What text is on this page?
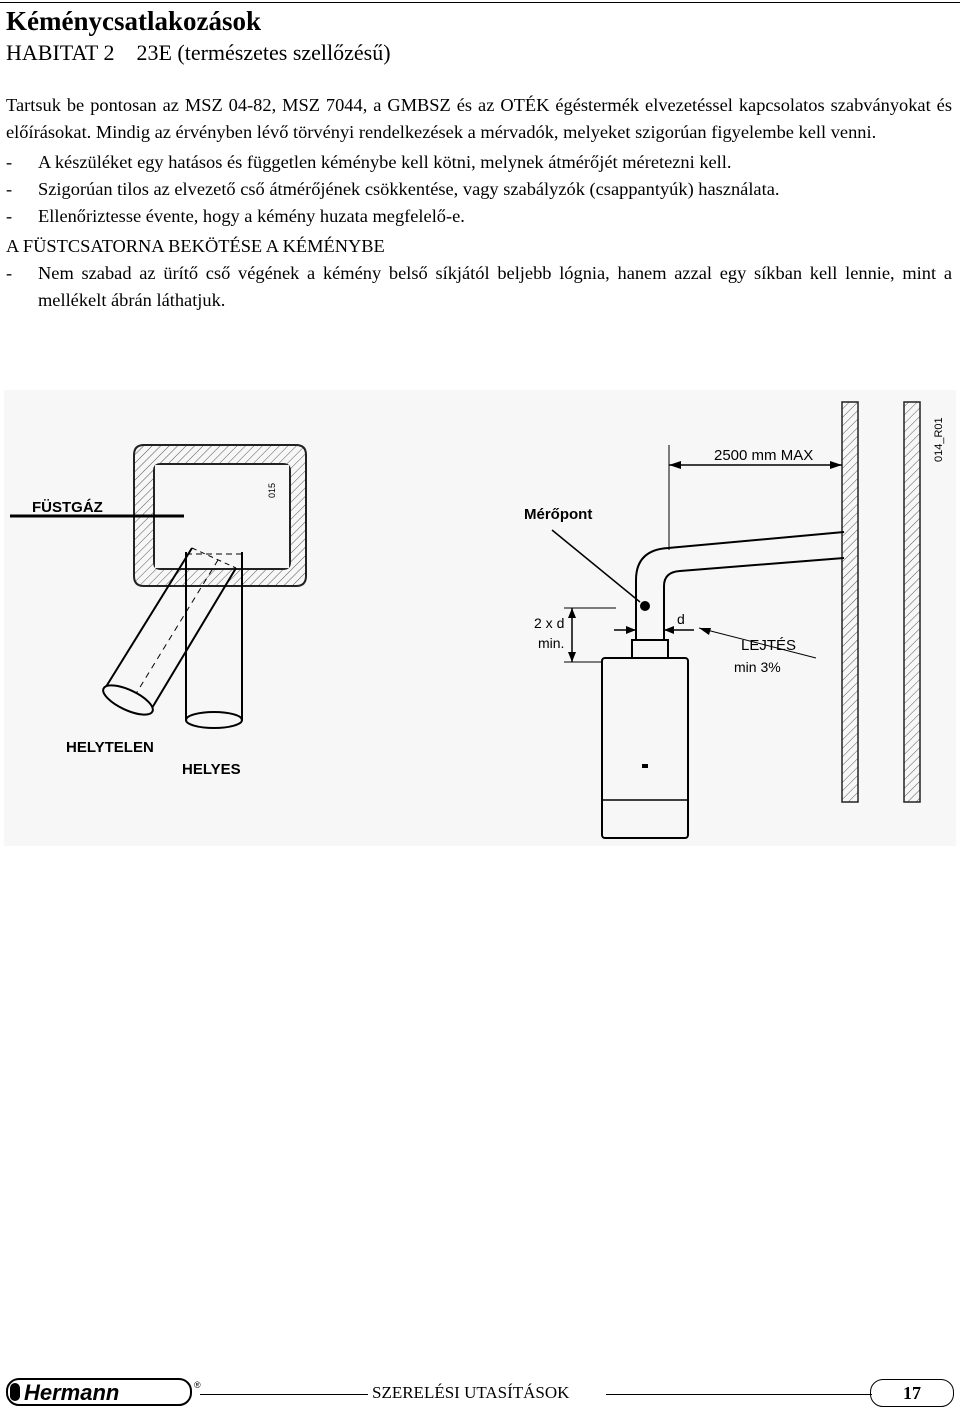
Kéménycsatlakozások
HABITAT 2    23E (természetes szellőzésű)

Tartsuk be pontosan az MSZ 04-82, MSZ 7044, a GMBSZ és az OTÉK égéstermék elvezetéssel kapcsolatos szabványokat és előírásokat. Mindig az érvényben lévő törvényi rendelkezések a mérvadók, melyeket szigorúan figyelembe kell venni.

-	A készüléket egy hatásos és független kéménybe kell kötni, melynek átmérőjét méretezni kell.

-	Szigorúan tilos az elvezető cső átmérőjének csökkentése, vagy szabályzók (csappantyúk) használata.

-	Ellenőriztesse évente, hogy a kémény huzata megfelelő-e.

A FÜSTCSATORNA BEKÖTÉSE A KÉMÉNYBE

-	Nem szabad az ürítő cső végének a kémény belső síkjától beljebb lógnia, hanem azzal egy síkban kell lennie, mint a mellékelt ábrán láthatjuk.

FÜSTGÁZ
015
HELYTELEN
HELYES
014_R01
2500 mm MAX
Mérőpont
2 x d
min.
d
LEJTÉS
min 3%
Hermann	®	SZERELÉSI UTASÍTÁSOK	17
